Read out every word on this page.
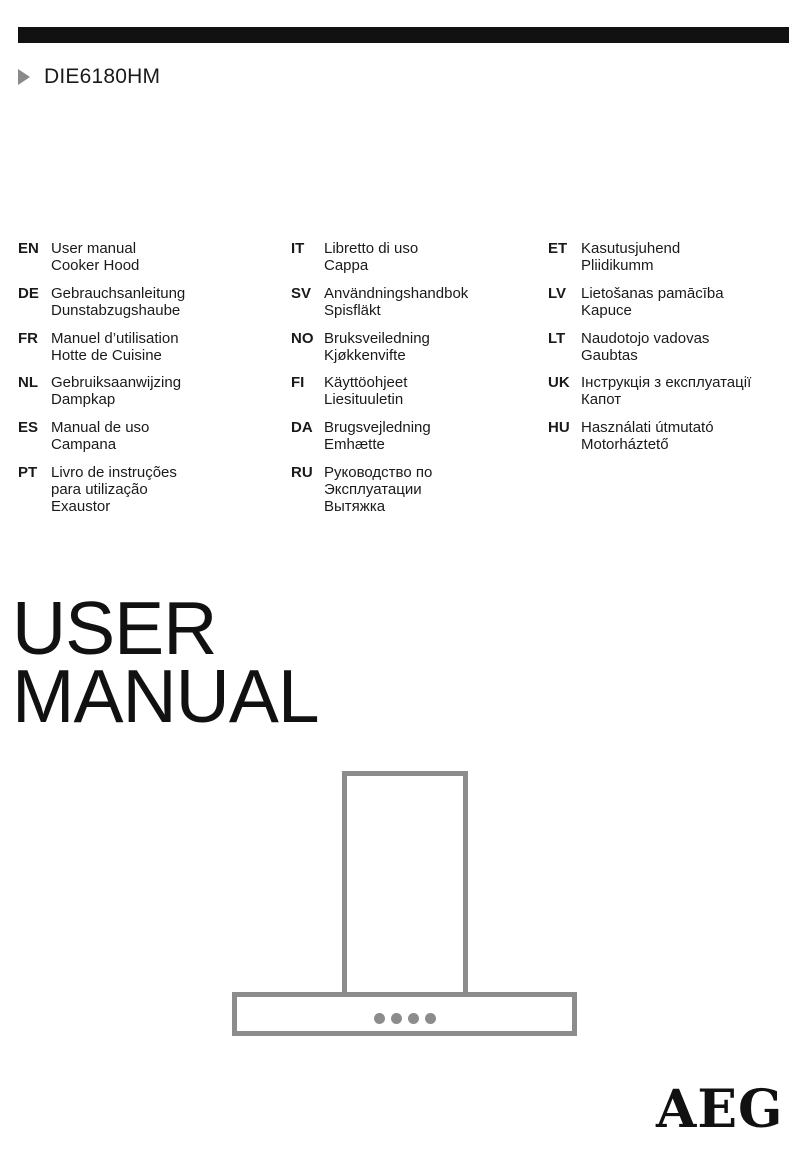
DIE6180HM
EN User manual
Cooker Hood
DE Gebrauchsanleitung
Dunstabzugshaube
FR Manuel d’utilisation
Hotte de Cuisine
NL Gebruiksaanwijzing
Dampkap
ES Manual de uso
Campana
PT Livro de instruções
para utilização
Exaustor
IT	Libretto di uso
Cappa
SV Användningshandbok
Spisfläkt
NO Bruksveiledning
Kjøkkenvifte
FI	Käyttöohjeet
Liesituuletin
DA Brugsvejledning
Emhætte
RU Руководство по
Эксплуатации
Вытяжка
ET Kasutusjuhend
Pliidikumm
LV Lietošanas pamācība
Kapuce
LT	Naudotojo vadovas
Gaubtas
UK Інструкція з експлуатації
Капот
HU Használati útmutató
Motorháztető
USER
MANUAL
AEG
